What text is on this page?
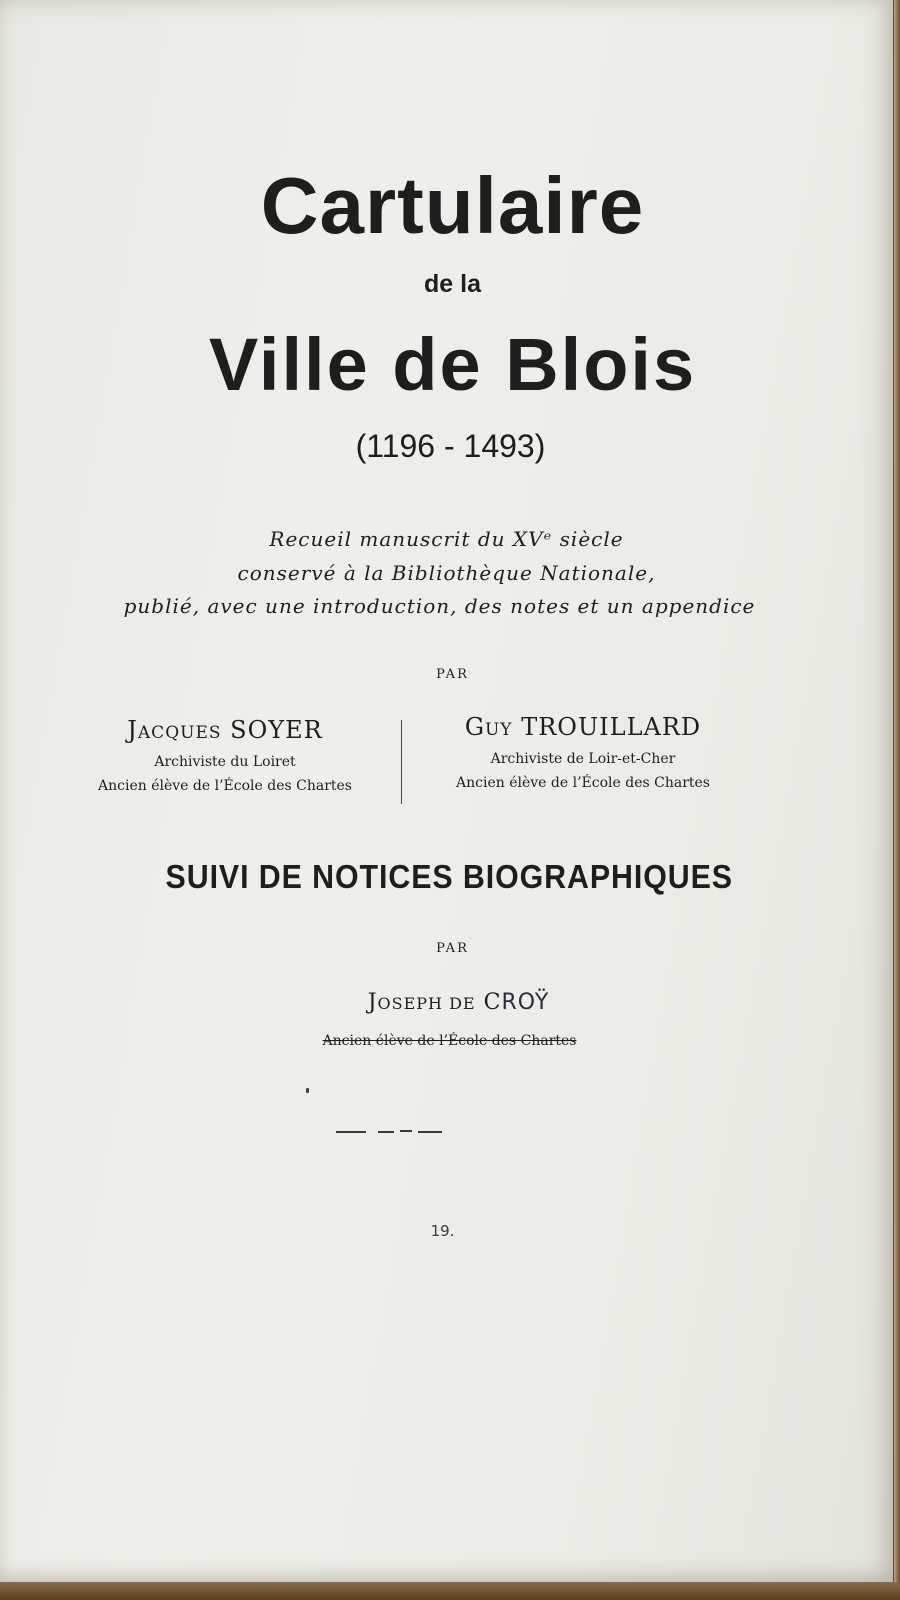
Cartulaire
de la
Ville de Blois
(1196 - 1493)
Recueil manuscrit du XVᵉ siècle
conservé à la Bibliothèque Nationale,
publié, avec une introduction, des notes et un appendice
PAR
JACQUES SOYER
Archiviste du Loiret
Ancien élève de l’École des Chartes
GUY TROUILLARD
Archiviste de Loir-et-Cher
Ancien élève de l’École des Chartes
SUIVI DE NOTICES BIOGRAPHIQUES
PAR
JOSEPH DE CROŸ
Ancien élève de l’École des Chartes
19.
